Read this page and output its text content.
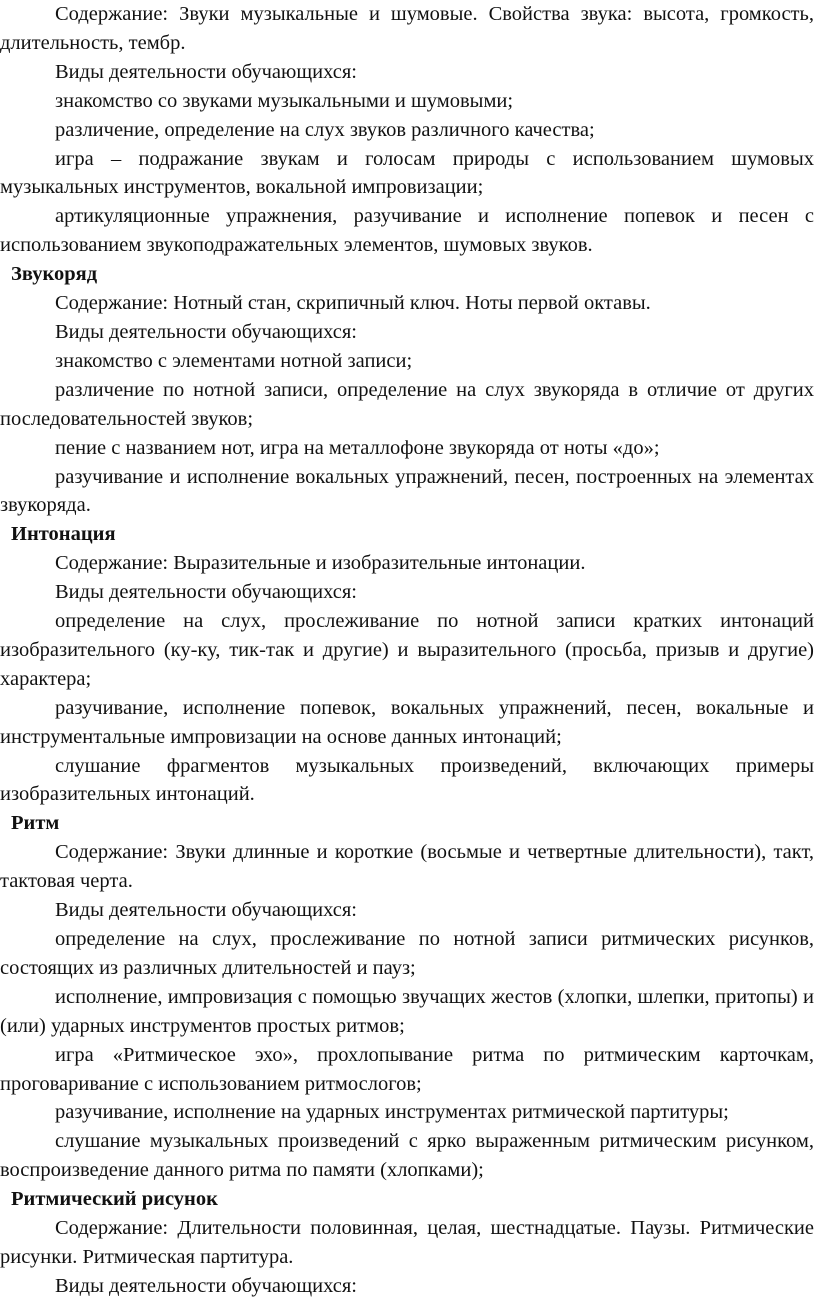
Содержание: Звуки музыкальные и шумовые. Свойства звука: высота, громкость, длительность, тембр.

Виды деятельности обучающихся:

знакомство со звуками музыкальными и шумовыми;

различение, определение на слух звуков различного качества;

игра – подражание звукам и голосам природы с использованием шумовых музыкальных инструментов, вокальной импровизации;

артикуляционные упражнения, разучивание и исполнение попевок и песен с использованием звукоподражательных элементов, шумовых звуков.

Звукоряд

Содержание: Нотный стан, скрипичный ключ. Ноты первой октавы.

Виды деятельности обучающихся:

знакомство с элементами нотной записи;

различение по нотной записи, определение на слух звукоряда в отличие от других последовательностей звуков;

пение с названием нот, игра на металлофоне звукоряда от ноты «до»;

разучивание и исполнение вокальных упражнений, песен, построенных на элементах звукоряда.

Интонация

Содержание: Выразительные и изобразительные интонации.

Виды деятельности обучающихся:

определение на слух, прослеживание по нотной записи кратких интонаций изобразительного (ку-ку, тик-так и другие) и выразительного (просьба, призыв и другие) характера;

разучивание, исполнение попевок, вокальных упражнений, песен, вокальные и инструментальные импровизации на основе данных интонаций;

слушание фрагментов музыкальных произведений, включающих примеры изобразительных интонаций.

Ритм

Содержание: Звуки длинные и короткие (восьмые и четвертные длительности), такт, тактовая черта.

Виды деятельности обучающихся:

определение на слух, прослеживание по нотной записи ритмических рисунков, состоящих из различных длительностей и пауз;

исполнение, импровизация с помощью звучащих жестов (хлопки, шлепки, притопы) и (или) ударных инструментов простых ритмов;

игра «Ритмическое эхо», прохлопывание ритма по ритмическим карточкам, проговаривание с использованием ритмослогов;

разучивание, исполнение на ударных инструментах ритмической партитуры;

слушание музыкальных произведений с ярко выраженным ритмическим рисунком, воспроизведение данного ритма по памяти (хлопками);

Ритмический рисунок

Содержание: Длительности половинная, целая, шестнадцатые. Паузы. Ритмические рисунки. Ритмическая партитура.

Виды деятельности обучающихся:
